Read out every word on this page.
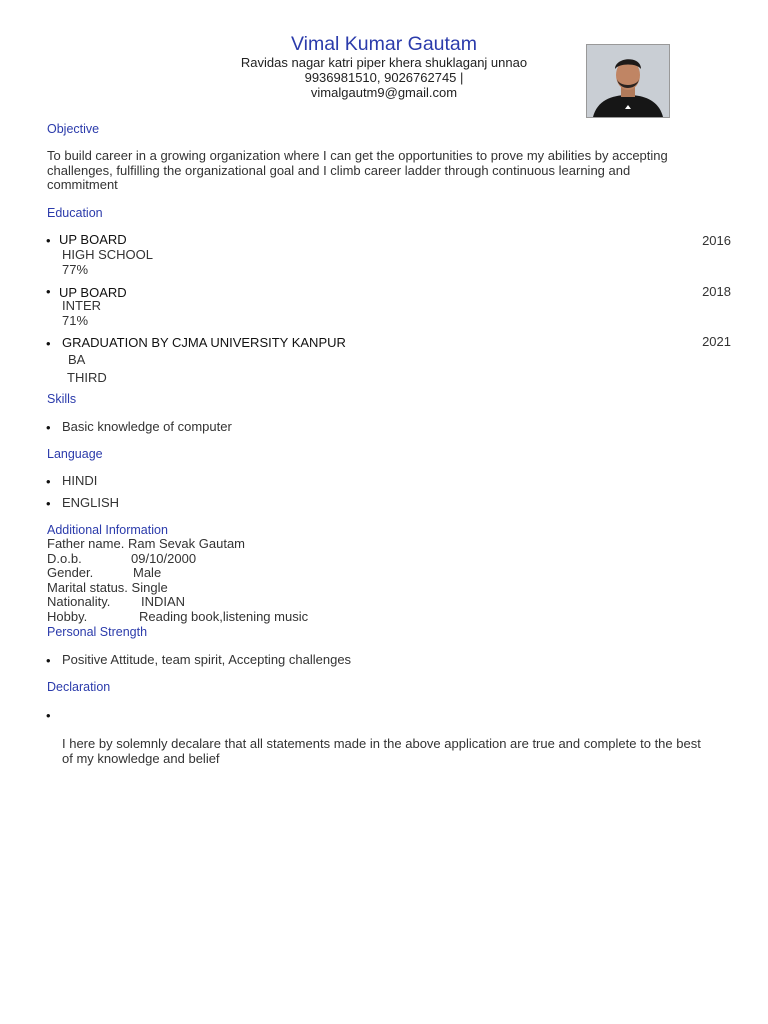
Vimal Kumar Gautam
Ravidas nagar katri piper khera shuklaganj unnao
9936981510, 9026762745 |
vimalgautm9@gmail.com
Objective
To build career in a growing organization where I can get the opportunities to prove my abilities by accepting
challenges, fulfilling the organizational goal and I climb career ladder through continuous learning and
commitment
Education
• UP BOARD
HIGH SCHOOL
77%
2016
• UP BOARD
INTER
71%
2018
• GRADUATION BY CJMA UNIVERSITY KANPUR
BA
THIRD
2021
Skills
• Basic knowledge of computer
Language
• HINDI
• ENGLISH
Additional Information
Father name. Ram Sevak Gautam
D.o.b.	09/10/2000
Gender.	Male
Marital status. Single
Nationality. INDIAN
Hobby.	Reading book,listening music
Personal Strength
• Positive Attitude, team spirit, Accepting challenges
Declaration
•
I here by solemnly decalare that all statements made in the above application are true and complete to the best
of my knowledge and belief
